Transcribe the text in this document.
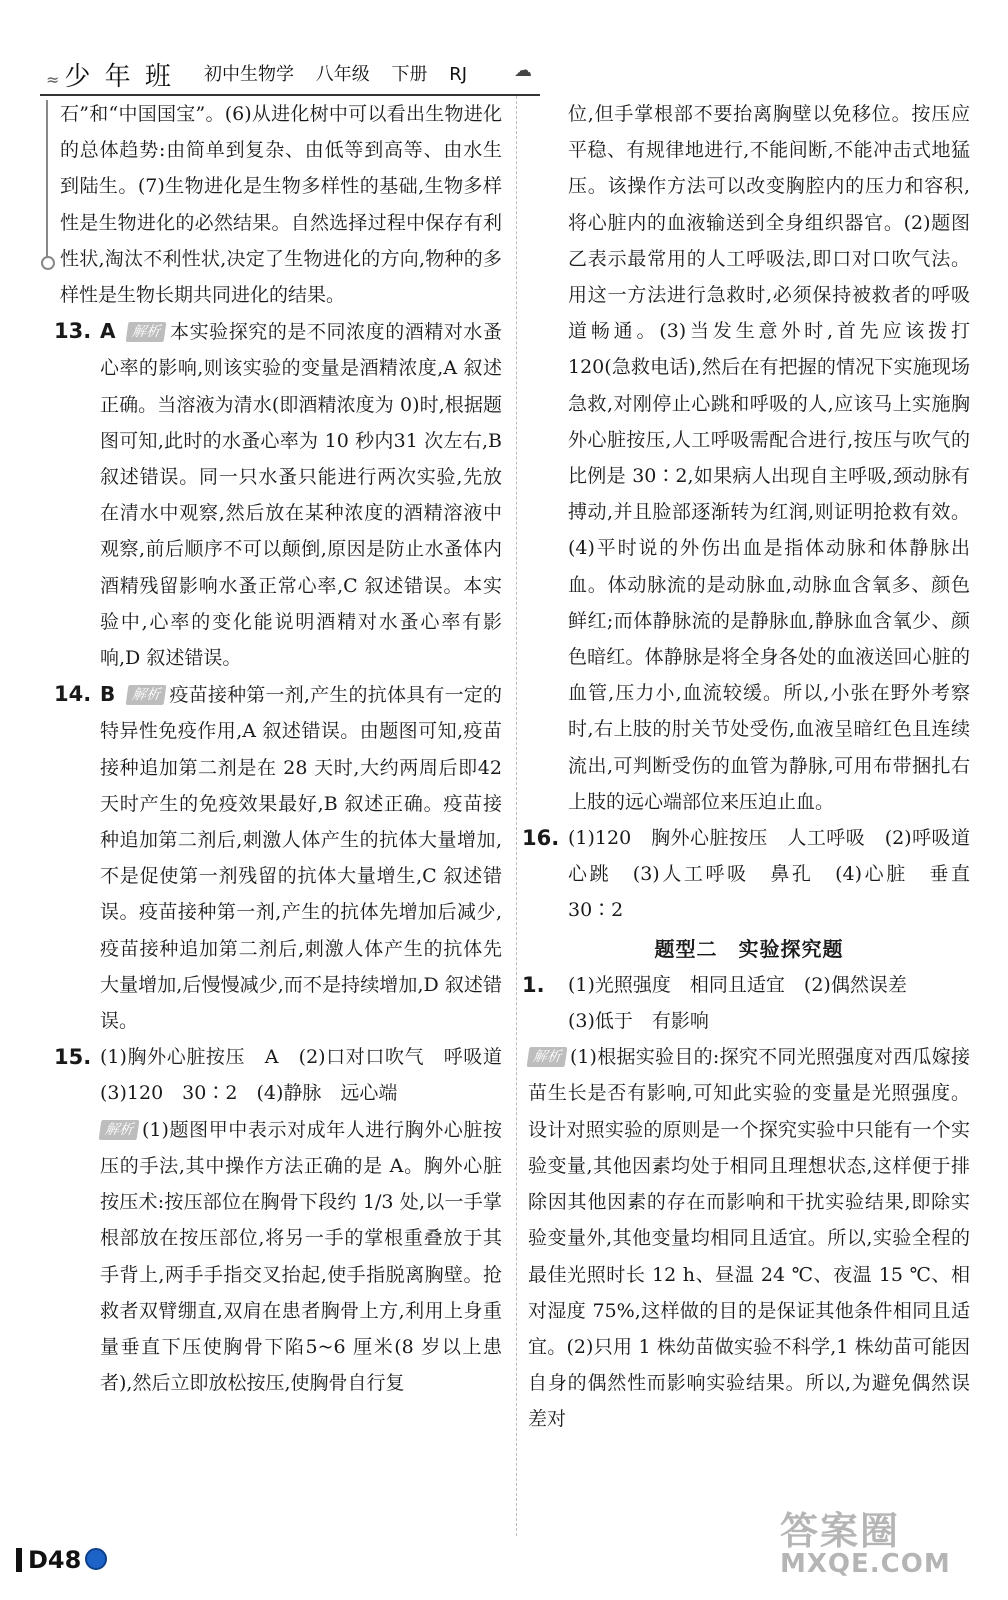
≈少 年 班 初中生物学 八年级 下册 RJ	☁

石”和“中国国宝”。(6)从进化树中可以看出生物进化的总体趋势:由简单到复杂、由低等到高等、由水生到陆生。(7)生物进化是生物多样性的基础,生物多样性是生物进化的必然结果。自然选择过程中保存有利性状,淘汰不利性状,决定了生物进化的方向,物种的多样性是生物长期共同进化的结果。

13. A 解析 本实验探究的是不同浓度的酒精对水蚤心率的影响,则该实验的变量是酒精浓度,A 叙述正确。当溶液为清水(即酒精浓度为 0)时,根据题图可知,此时的水蚤心率为 10 秒内31 次左右,B 叙述错误。同一只水蚤只能进行两次实验,先放在清水中观察,然后放在某种浓度的酒精溶液中观察,前后顺序不可以颠倒,原因是防止水蚤体内酒精残留影响水蚤正常心率,C 叙述错误。本实验中,心率的变化能说明酒精对水蚤心率有影响,D 叙述错误。
14. B 解析 疫苗接种第一剂,产生的抗体具有一定的特异性免疫作用,A 叙述错误。由题图可知,疫苗接种追加第二剂是在 28 天时,大约两周后即42 天时产生的免疫效果最好,B 叙述正确。疫苗接种追加第二剂后,刺激人体产生的抗体大量增加,不是促使第一剂残留的抗体大量增生,C 叙述错误。疫苗接种第一剂,产生的抗体先增加后减少,疫苗接种追加第二剂后,刺激人体产生的抗体先大量增加,后慢慢减少,而不是持续增加,D 叙述错误。
15. (1)胸外心脏按压　A　(2)口对口吹气　呼吸道　(3)120　30∶2　(4)静脉　远心端
解析 (1)题图甲中表示对成年人进行胸外心脏按压的手法,其中操作方法正确的是 A。胸外心脏按压术:按压部位在胸骨下段约 1/3 处,以一手掌根部放在按压部位,将另一手的掌根重叠放于其手背上,两手手指交叉抬起,使手指脱离胸壁。抢救者双臂绷直,双肩在患者胸骨上方,利用上身重量垂直下压使胸骨下陷5~6 厘米(8 岁以上患者),然后立即放松按压,使胸骨自行复
位,但手掌根部不要抬离胸壁以免移位。按压应平稳、有规律地进行,不能间断,不能冲击式地猛压。该操作方法可以改变胸腔内的压力和容积,将心脏内的血液输送到全身组织器官。(2)题图乙表示最常用的人工呼吸法,即口对口吹气法。用这一方法进行急救时,必须保持被救者的呼吸道畅通。(3)当发生意外时,首先应该拨打 120(急救电话),然后在有把握的情况下实施现场急救,对刚停止心跳和呼吸的人,应该马上实施胸外心脏按压,人工呼吸需配合进行,按压与吹气的比例是 30∶2,如果病人出现自主呼吸,颈动脉有搏动,并且脸部逐渐转为红润,则证明抢救有效。(4)平时说的外伤出血是指体动脉和体静脉出血。体动脉流的是动脉血,动脉血含氧多、颜色鲜红;而体静脉流的是静脉血,静脉血含氧少、颜色暗红。体静脉是将全身各处的血液送回心脏的血管,压力小,血流较缓。所以,小张在野外考察时,右上肢的肘关节处受伤,血液呈暗红色且连续流出,可判断受伤的血管为静脉,可用布带捆扎右上肢的远心端部位来压迫止血。
16. (1)120　胸外心脏按压　人工呼吸　(2)呼吸道　心跳　(3)人工呼吸　鼻孔　(4)心脏　垂直　30∶2
题型二　实验探究题
1. (1)光照强度　相同且适宜　(2)偶然误差
(3)低于　有影响
解析 (1)根据实验目的:探究不同光照强度对西瓜嫁接苗生长是否有影响,可知此实验的变量是光照强度。设计对照实验的原则是一个探究实验中只能有一个实验变量,其他因素均处于相同且理想状态,这样便于排除因其他因素的存在而影响和干扰实验结果,即除实验变量外,其他变量均相同且适宜。所以,实验全程的最佳光照时长 12 h、昼温 24 ℃、夜温 15 ℃、相对湿度 75%,这样做的目的是保证其他条件相同且适宜。(2)只用 1 株幼苗做实验不科学,1 株幼苗可能因自身的偶然性而影响实验结果。所以,为避免偶然误差对
D48
答案圈
MXQE.COM
